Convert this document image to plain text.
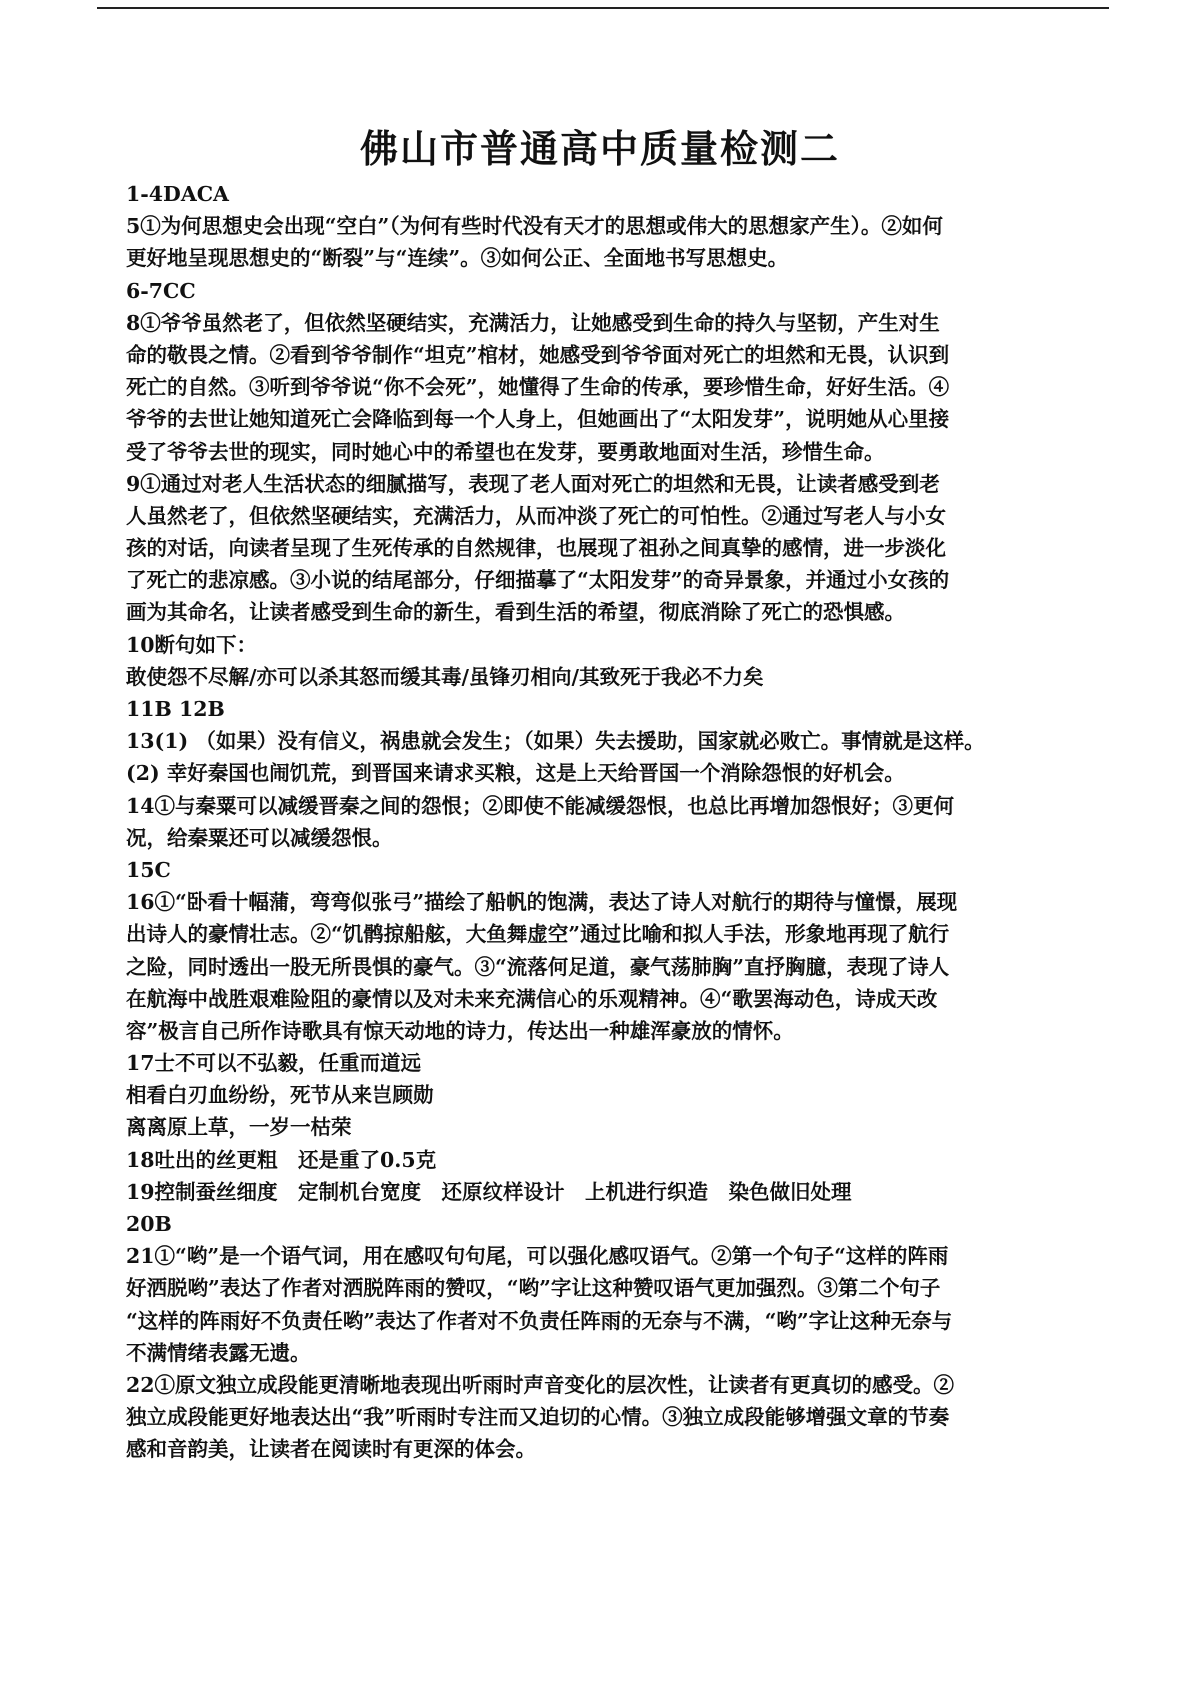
佛山市普通高中质量检测二
1-4DACA
5①为何思想史会出现“空白”（为何有些时代没有天才的思想或伟大的思想家产生）。②如何
更好地呈现思想史的“断裂”与“连续”。③如何公正、全面地书写思想史。
6-7CC
8①爷爷虽然老了，但依然坚硬结实，充满活力，让她感受到生命的持久与坚韧，产生对生
命的敬畏之情。②看到爷爷制作“坦克”棺材，她感受到爷爷面对死亡的坦然和无畏，认识到
死亡的自然。③听到爷爷说“你不会死”，她懂得了生命的传承，要珍惜生命，好好生活。④
爷爷的去世让她知道死亡会降临到每一个人身上，但她画出了“太阳发芽”，说明她从心里接
受了爷爷去世的现实，同时她心中的希望也在发芽，要勇敢地面对生活，珍惜生命。
9①通过对老人生活状态的细腻描写，表现了老人面对死亡的坦然和无畏，让读者感受到老
人虽然老了，但依然坚硬结实，充满活力，从而冲淡了死亡的可怕性。②通过写老人与小女
孩的对话，向读者呈现了生死传承的自然规律，也展现了祖孙之间真挚的感情，进一步淡化
了死亡的悲凉感。③小说的结尾部分，仔细描摹了“太阳发芽”的奇异景象，并通过小女孩的
画为其命名，让读者感受到生命的新生，看到生活的希望，彻底消除了死亡的恐惧感。
10断句如下：
敢使怨不尽解/亦可以杀其怒而缓其毒/虽锋刃相向/其致死于我必不力矣
11B 12B
13(1) （如果）没有信义，祸患就会发生；（如果）失去援助，国家就必败亡。事情就是这样。
(2) 幸好秦国也闹饥荒，到晋国来请求买粮，这是上天给晋国一个消除怨恨的好机会。
14①与秦粟可以减缓晋秦之间的怨恨；②即使不能减缓怨恨，也总比再增加怨恨好；③更何
况，给秦粟还可以减缓怨恨。
15C
16①“卧看十幅蒲，弯弯似张弓”描绘了船帆的饱满，表达了诗人对航行的期待与憧憬，展现
出诗人的豪情壮志。②“饥鹘掠船舷，大鱼舞虚空”通过比喻和拟人手法，形象地再现了航行
之险，同时透出一股无所畏惧的豪气。③“流落何足道，豪气荡肺胸”直抒胸臆，表现了诗人
在航海中战胜艰难险阻的豪情以及对未来充满信心的乐观精神。④“歌罢海动色，诗成天改
容”极言自己所作诗歌具有惊天动地的诗力，传达出一种雄浑豪放的情怀。
17士不可以不弘毅，任重而道远
相看白刃血纷纷，死节从来岂顾勋
离离原上草，一岁一枯荣
18吐出的丝更粗　还是重了0.5克
19控制蚕丝细度　定制机台宽度　还原纹样设计　上机进行织造　染色做旧处理
20B
21①“哟”是一个语气词，用在感叹句句尾，可以强化感叹语气。②第一个句子“这样的阵雨
好洒脱哟”表达了作者对洒脱阵雨的赞叹，“哟”字让这种赞叹语气更加强烈。③第二个句子
“这样的阵雨好不负责任哟”表达了作者对不负责任阵雨的无奈与不满，“哟”字让这种无奈与
不满情绪表露无遗。
22①原文独立成段能更清晰地表现出听雨时声音变化的层次性，让读者有更真切的感受。②
独立成段能更好地表达出“我”听雨时专注而又迫切的心情。③独立成段能够增强文章的节奏
感和音韵美，让读者在阅读时有更深的体会。
